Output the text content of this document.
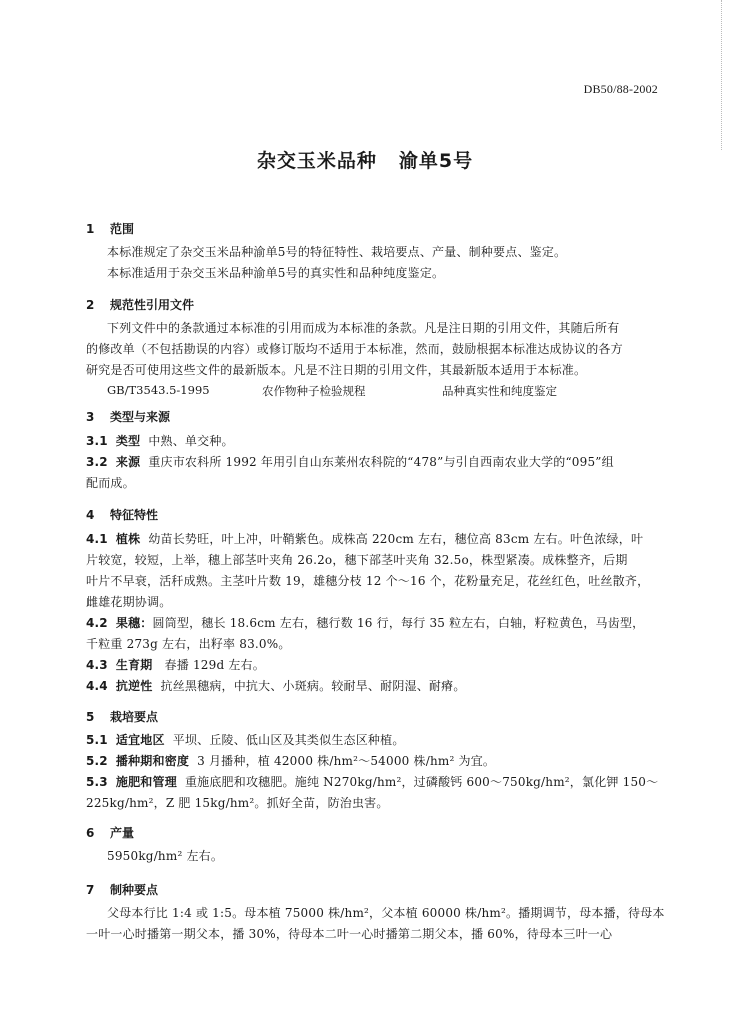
DB50/88-2002
杂交玉米品种 渝单5号
1 范围
本标准规定了杂交玉米品种渝单5号的特征特性、栽培要点、产量、制种要点、鉴定。
本标准适用于杂交玉米品种渝单5号的真实性和品种纯度鉴定。
2 规范性引用文件
下列文件中的条款通过本标准的引用而成为本标准的条款。凡是注日期的引用文件，其随后所有
的修改单（不包括勘误的内容）或修订版均不适用于本标准，然而，鼓励根据本标准达成协议的各方
研究是否可使用这些文件的最新版本。凡是不注日期的引用文件，其最新版本适用于本标准。
GB/T3543.5-1995	农作物种子检验规程	品种真实性和纯度鉴定
3 类型与来源
3.1 类型 中熟、单交种。
3.2 来源 重庆市农科所 1992 年用引自山东莱州农科院的“478”与引自西南农业大学的“095”组
配而成。
4 特征特性
4.1 植株 幼苗长势旺，叶上冲，叶鞘紫色。成株高 220cm 左右，穗位高 83cm 左右。叶色浓绿，叶
片较宽，较短，上举，穗上部茎叶夹角 26.2o，穗下部茎叶夹角 32.5o，株型紧凑。成株整齐，后期
叶片不早衰，活秆成熟。主茎叶片数 19，雄穗分枝 12 个～16 个，花粉量充足，花丝红色，吐丝散齐，
雌雄花期协调。
4.2 果穗：圆筒型，穗长 18.6cm 左右，穗行数 16 行，每行 35 粒左右，白轴，籽粒黄色，马齿型，
千粒重 273g 左右，出籽率 83.0%。
4.3 生育期 春播 129d 左右。
4.4 抗逆性 抗丝黑穗病，中抗大、小斑病。较耐旱、耐阴湿、耐瘠。
5 栽培要点
5.1 适宜地区 平坝、丘陵、低山区及其类似生态区种植。
5.2 播种期和密度 3 月播种，植 42000 株/hm²～54000 株/hm² 为宜。
5.3 施肥和管理 重施底肥和攻穗肥。施纯 N270kg/hm²，过磷酸钙 600～750kg/hm²，氯化钾 150～
225kg/hm²，Z 肥 15kg/hm²。抓好全苗，防治虫害。
6 产量
5950kg/hm² 左右。
7 制种要点
父母本行比 1:4 或 1:5。母本植 75000 株/hm²，父本植 60000 株/hm²。播期调节，母本播，待母本
一叶一心时播第一期父本，播 30%，待母本二叶一心时播第二期父本，播 60%，待母本三叶一心
